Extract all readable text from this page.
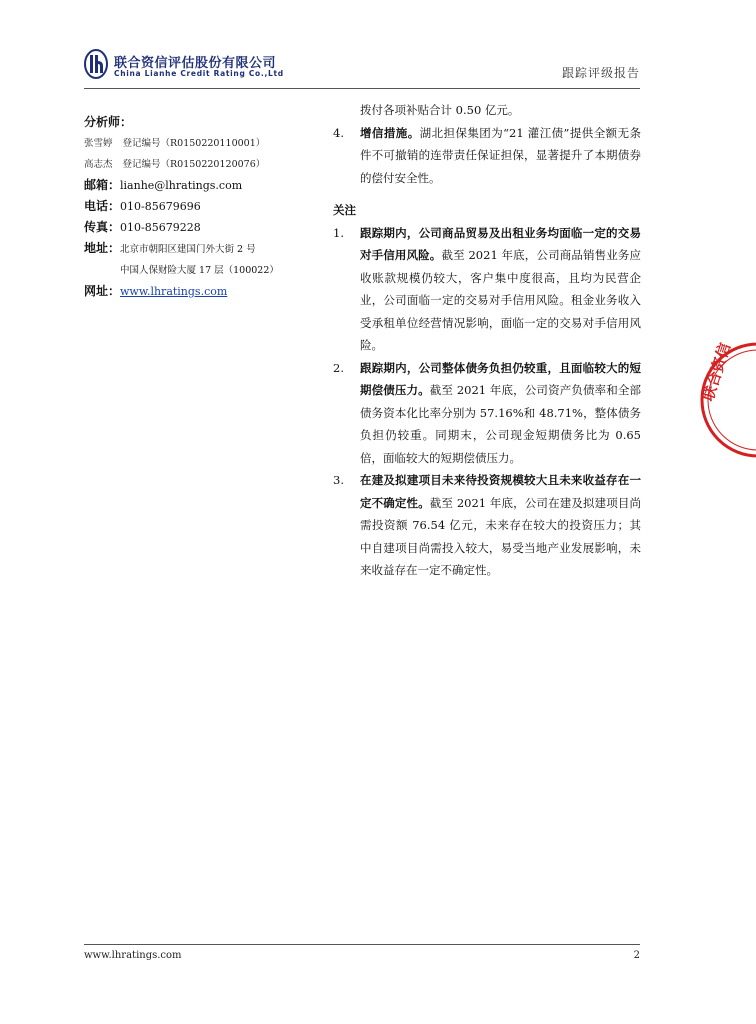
联合资信评估股份有限公司
China Lianhe Credit Rating Co.,Ltd	跟踪评级报告
分析师：
张雪婷 登记编号（R0150220110001）
高志杰 登记编号（R0150220120076）
邮箱：lianhe@lhratings.com
电话：010-85679696
传真：010-85679228
地址：北京市朝阳区建国门外大街 2 号
中国人保财险大厦 17 层（100022）
网址：www.lhratings.com
拨付各项补贴合计 0.50 亿元。
4. 增信措施。湖北担保集团为“21 灌江债”提供全额无条件不可撤销的连带责任保证担保，显著提升了本期债券的偿付安全性。
关注
1. 跟踪期内，公司商品贸易及出租业务均面临一定的交易对手信用风险。截至 2021 年底，公司商品销售业务应收账款规模仍较大，客户集中度很高，且均为民营企业，公司面临一定的交易对手信用风险。租金业务收入受承租单位经营情况影响，面临一定的交易对手信用风险。
2. 跟踪期内，公司整体债务负担仍较重，且面临较大的短期偿债压力。截至 2021 年底，公司资产负债率和全部债务资本化比率分别为 57.16%和 48.71%，整体债务负担仍较重。同期末，公司现金短期债务比为 0.65 倍，面临较大的短期偿债压力。
3. 在建及拟建项目未来待投资规模较大且未来收益存在一定不确定性。截至 2021 年底，公司在建及拟建项目尚需投资额 76.54 亿元，未来存在较大的投资压力；其中自建项目尚需投入较大，易受当地产业发展影响，未来收益存在一定不确定性。
联合资信
www.lhratings.com	2
